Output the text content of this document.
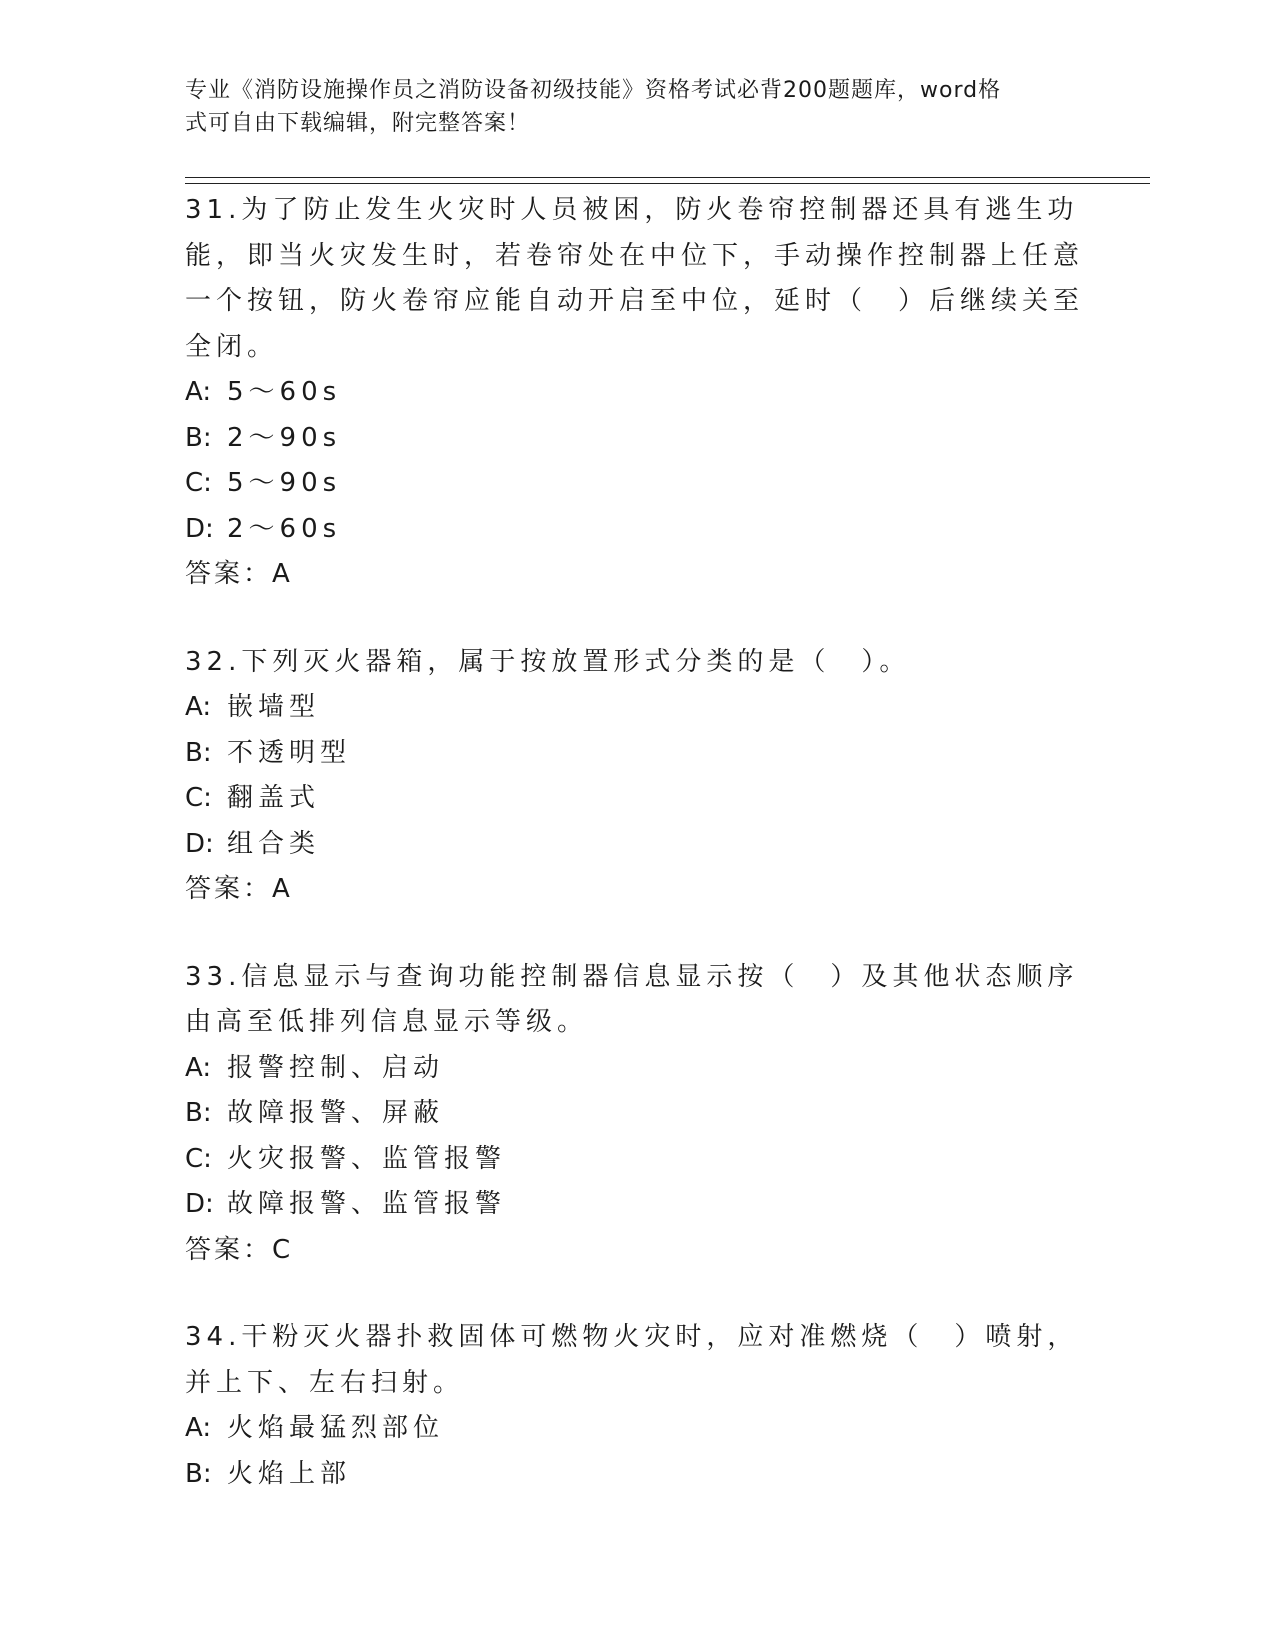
专业《消防设施操作员之消防设备初级技能》资格考试必背200题题库，word格
式可自由下载编辑，附完整答案！

31.为了防止发生火灾时人员被困，防火卷帘控制器还具有逃生功能，即当火灾发生时，若卷帘处在中位下，手动操作控制器上任意一个按钮，防火卷帘应能自动开启至中位，延时（　）后继续关至全闭。

A: 5～60s

B: 2～90s

C: 5～90s

D: 2～60s

答案：A

32.下列灭火器箱，属于按放置形式分类的是（　）。

A: 嵌墙型

B: 不透明型

C: 翻盖式

D: 组合类

答案：A

33.信息显示与查询功能控制器信息显示按（　）及其他状态顺序由高至低排列信息显示等级。

A: 报警控制、启动

B: 故障报警、屏蔽

C: 火灾报警、监管报警

D: 故障报警、监管报警

答案：C

34.干粉灭火器扑救固体可燃物火灾时，应对准燃烧（　）喷射，并上下、左右扫射。

A: 火焰最猛烈部位

B: 火焰上部
